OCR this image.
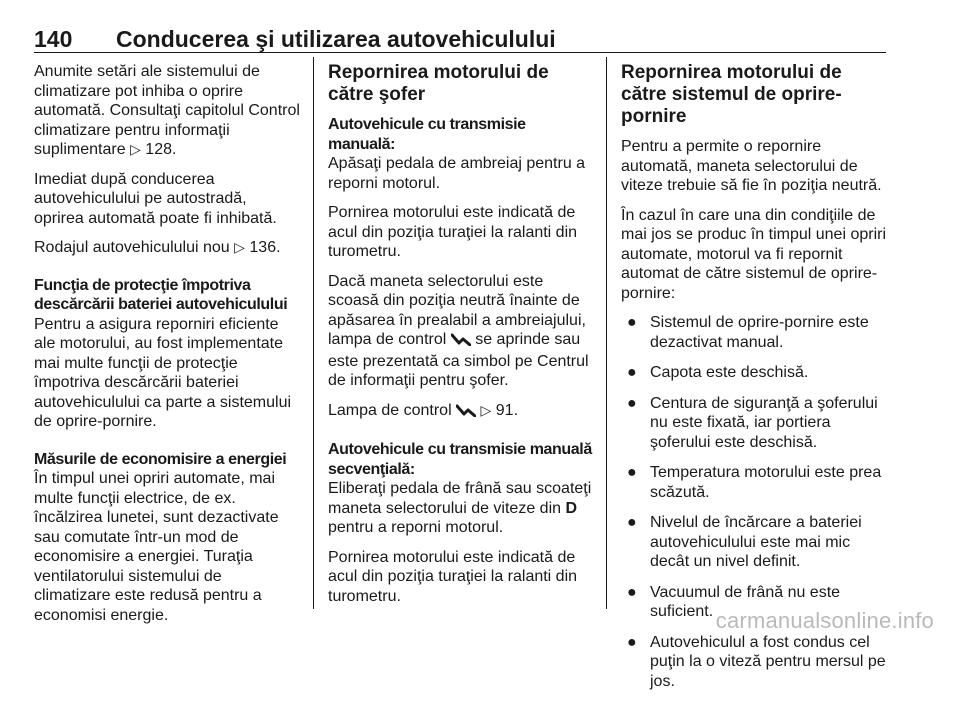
140 Conducerea şi utilizarea autovehiculului

Anumite setări ale sistemului de climatizare pot inhiba o oprire automată. Consultaţi capitolul Control climatizare pentru informaţii suplimentare ▷ 128.

Imediat după conducerea autovehiculului pe autostradă, oprirea automată poate fi inhibată.

Rodajul autovehiculului nou ▷ 136.

Funcţia de protecţie împotriva descărcării bateriei autovehiculului

Pentru a asigura reporniri eficiente ale motorului, au fost implementate mai multe funcţii de protecţie împotriva descărcării bateriei autovehiculului ca parte a sistemului de oprire-pornire.

Măsurile de economisire a energiei

În timpul unei opriri automate, mai multe funcţii electrice, de ex. încălzirea lunetei, sunt dezactivate sau comutate într-un mod de economisire a energiei. Turaţia ventilatorului sistemului de climatizare este redusă pentru a economisi energie.

Repornirea motorului de către şofer
Autovehicule cu transmisie manuală:

Apăsaţi pedala de ambreiaj pentru a reporni motorul.

Pornirea motorului este indicată de acul din poziţia turaţiei la ralanti din turometru.

Dacă maneta selectorului este scoasă din poziţia neutră înainte de apăsarea în prealabil a ambreiajului, lampa de control se aprinde sau este prezentată ca simbol pe Centrul de informaţii pentru şofer.

Lampa de control ▷ 91.

Autovehicule cu transmisie manuală secvenţială:

Eliberaţi pedala de frână sau scoateţi maneta selectorului de viteze din D pentru a reporni motorul.

Pornirea motorului este indicată de acul din poziţia turaţiei la ralanti din turometru.

Repornirea motorului de către sistemul de oprire-pornire

Pentru a permite o repornire automată, maneta selectorului de viteze trebuie să fie în poziţia neutră.

În cazul în care una din condiţiile de mai jos se produc în timpul unei opriri automate, motorul va fi repornit automat de către sistemul de oprire-pornire:

● Sistemul de oprire-pornire este dezactivat manual.
● Capota este deschisă.
● Centura de siguranţă a şoferului nu este fixată, iar portiera şoferului este deschisă.
● Temperatura motorului este prea scăzută.
● Nivelul de încărcare a bateriei autovehiculului este mai mic decât un nivel definit.
● Vacuumul de frână nu este suficient.
● Autovehiculul a fost condus cel puţin la o viteză pentru mersul pe jos.
carmanualsonline.info
